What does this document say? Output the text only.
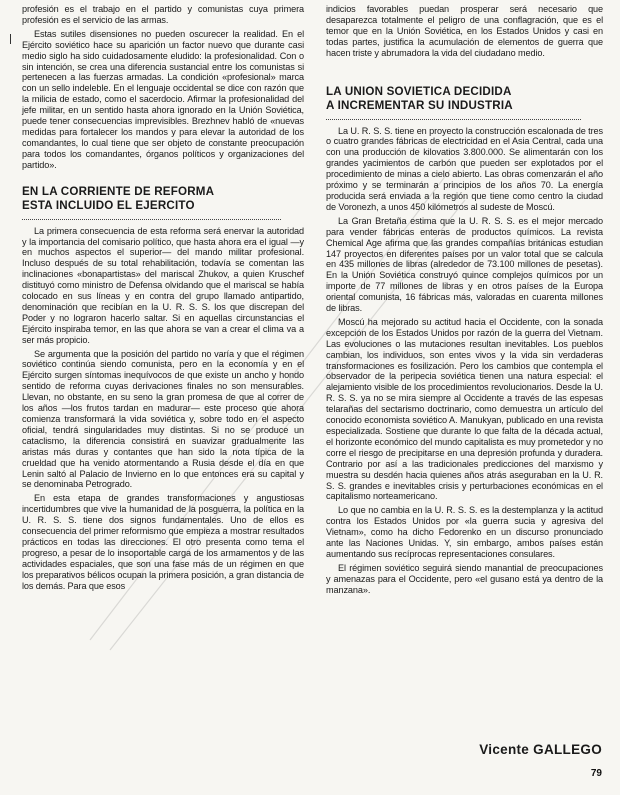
profesión es el trabajo en el partido y comunistas cuya primera profesión es el servicio de las armas.

Estas sutiles disensiones no pueden oscurecer la realidad. En el Ejército soviético hace su aparición un factor nuevo que durante casi medio siglo ha sido cuidadosamente eludido: la profesionalidad. Con o sin intención, se crea una diferencia sustancial entre los comunistas si pertenecen a las fuerzas armadas. La condición «profesional» marca con un sello indeleble. En el lenguaje occidental se dice con razón que la milicia de estado, como el sacerdocio. Afirmar la profesionalidad del jefe militar, en un sentido hasta ahora ignorado en la Unión Soviética, puede tener consecuencias imprevisibles. Brezhnev habló de «nuevas medidas para fortalecer los mandos y para elevar la autoridad de los comandantes, lo cual tiene que ser objeto de constante preocupación para todos los comandantes, órganos políticos y organizaciones del partido».

EN LA CORRIENTE DE REFORMA
ESTA INCLUIDO EL EJERCITO

La primera consecuencia de esta reforma será enervar la autoridad y la importancia del comisario político, que hasta ahora era el igual —y en muchos aspectos el superior— del mando militar profesional. Incluso después de su total rehabilitación, todavía se comentan las inclinaciones «bonapartistas» del mariscal Zhukov, a quien Kruschef distituyó como ministro de Defensa olvidando que el mariscal se había colocado en sus líneas y en contra del grupo llamado antipartido, denominación que recibían en la U. R. S. S. los que discrepan del Poder y no lograron hacerlo saltar. Si en aquellas circunstancias el Ejército inspiraba temor, en las que ahora se van a crear el clima va a ser más propicio.

Se argumenta que la posición del partido no varía y que el régimen soviético continúa siendo comunista, pero en la economía y en el Ejército surgen síntomas inequívocos de que existe un ancho y hondo sentido de reforma cuyas derivaciones finales no son mensurables. Llevan, no obstante, en su seno la gran promesa de que al correr de los años —los frutos tardan en madurar— este proceso que ahora comienza transformará la vida soviética y, sobre todo en el aspecto oficial, tendrá singularidades muy distintas. Si no se produce un cataclismo, la diferencia consistirá en suavizar gradualmente las aristas más duras y contantes que han sido la nota típica de la crueldad que ha venido atormentando a Rusia desde el día en que Lenin saltó al Palacio de Invierno en lo que entonces era su capital y se denominaba Petrogrado.

En esta etapa de grandes transformaciones y angustiosas incertidumbres que vive la humanidad de la posguerra, la política en la U. R. S. S. tiene dos signos fundamentales. Uno de ellos es consecuencia del primer reformismo que empieza a mostrar resultados prácticos en todas las direcciones. El otro presenta como tema el progreso, a pesar de lo insoportable carga de los armamentos y de las actividades espaciales, que son una fase más de un régimen en que los preparativos bélicos ocupan la primera posición, a gran distancia de los demás. Para que esos

indicios favorables puedan prosperar será necesario que desaparezca totalmente el peligro de una conflagración, que es el temor que en la Unión Soviética, en los Estados Unidos y casi en todas partes, justifica la acumulación de elementos de guerra que hacen triste y abrumadora la vida del ciudadano medio.

LA UNION SOVIETICA DECIDIDA
A INCREMENTAR SU INDUSTRIA

La U. R. S. S. tiene en proyecto la construcción escalonada de tres o cuatro grandes fábricas de electricidad en el Asia Central, cada una con una producción de kilovatios 3.800.000. Se alimentarán con los grandes yacimientos de carbón que pueden ser explotados por el procedimiento de minas a cielo abierto. Las obras comenzarán el año próximo y se terminarán a principios de los años 70. La energía producida será enviada a la región que tiene como centro la ciudad de Voronezh, a unos 450 kilómetros al sudeste de Moscú.

La Gran Bretaña estima que la U. R. S. S. es el mejor mercado para vender fábricas enteras de productos químicos. La revista Chemical Age afirma que las grandes compañías británicas estudian 147 proyectos en diferentes países por un valor total que se calcula en 435 millones de libras (alrededor de 73.100 millones de pesetas). En la Unión Soviética construyó quince complejos químicos por un importe de 77 millones de libras y en otros países de la Europa oriental comunista, 16 fábricas más, valoradas en cuarenta millones de libras.

Moscú ha mejorado su actitud hacia el Occidente, con la sonada excepción de los Estados Unidos por razón de la guerra del Vietnam. Las evoluciones o las mutaciones resultan inevitables. Los pueblos cambian, los individuos, son entes vivos y la vida sin verdaderas transformaciones es fosilización. Pero los cambios que contempla el observador de la peripecia soviética tienen una natura especial: el alejamiento visible de los procedimientos revolucionarios. Desde la U. R. S. S. ya no se mira siempre al Occidente a través de las espesas telarañas del sectarismo doctrinario, como demuestra un artículo del conocido economista soviético A. Manukyan, publicado en una revista especializada. Sostiene que durante lo que falta de la década actual, el horizonte económico del mundo capitalista es muy prometedor y no corre el riesgo de precipitarse en una depresión profunda y duradera. Contrario por así a las tradicionales predicciones del marxismo y muestra su desdén hacia quienes años atrás aseguraban en la U. R. S. S. grandes e inevitables crisis y perturbaciones económicas en el capitalismo norteamericano.

Lo que no cambia en la U. R. S. S. es la destemplanza y la actitud contra los Estados Unidos por «la guerra sucia y agresiva del Vietnam», como ha dicho Fedorenko en un discurso pronunciado ante las Naciones Unidas. Y, sin embargo, ambos países están aumentando sus recíprocas representaciones consulares.

El régimen soviético seguirá siendo manantial de preocupaciones y amenazas para el Occidente, pero «el gusano está ya dentro de la manzana».

Vicente GALLEGO
79
